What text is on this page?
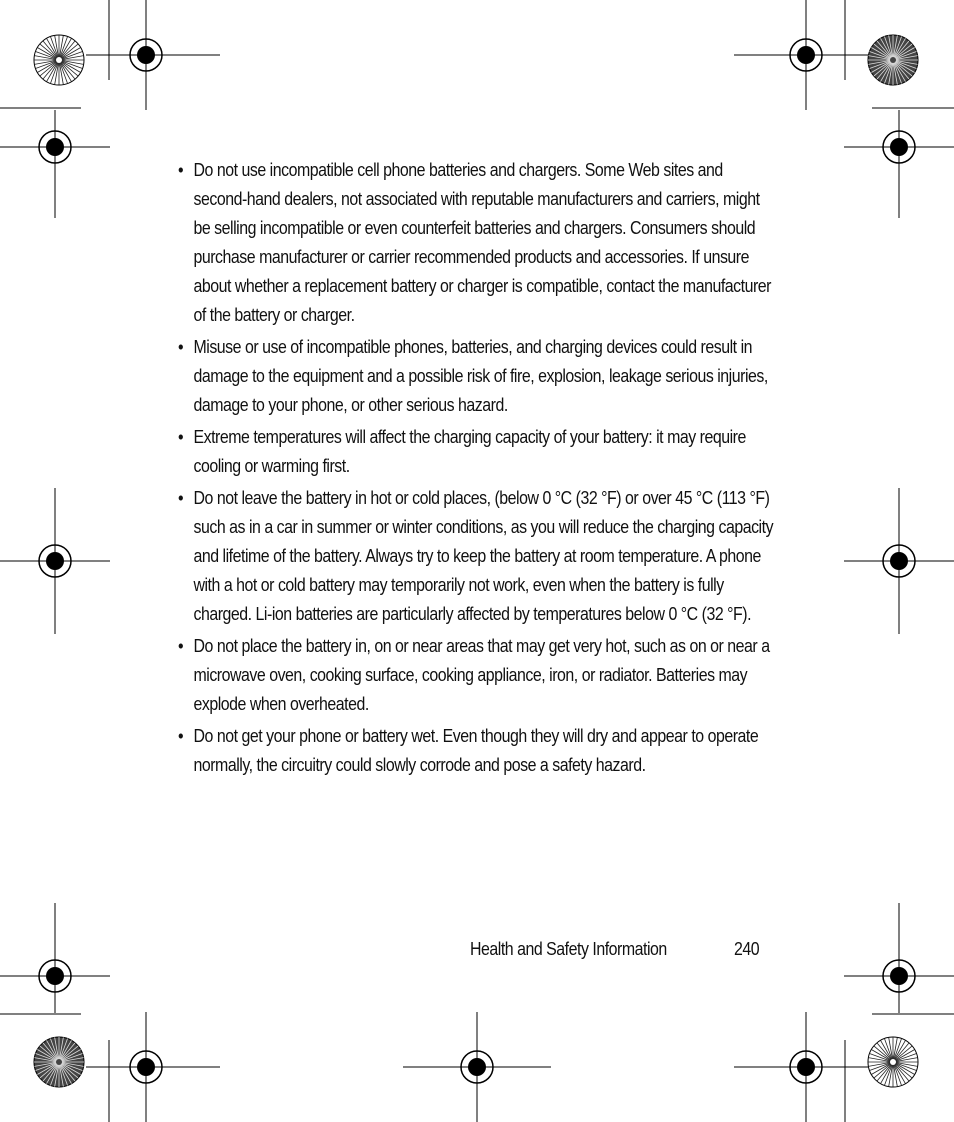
• Do not use incompatible cell phone batteries and chargers. Some Web sites and second-hand dealers, not associated with reputable manufacturers and carriers, might be selling incompatible or even counterfeit batteries and chargers. Consumers should purchase manufacturer or carrier recommended products and accessories. If unsure about whether a replacement battery or charger is compatible, contact the manufacturer of the battery or charger.
• Misuse or use of incompatible phones, batteries, and charging devices could result in damage to the equipment and a possible risk of fire, explosion, leakage serious injuries, damage to your phone, or other serious hazard.
• Extreme temperatures will affect the charging capacity of your battery: it may require cooling or warming first.
• Do not leave the battery in hot or cold places, (below 0 °C (32 °F) or over 45 °C (113 °F) such as in a car in summer or winter conditions, as you will reduce the charging capacity and lifetime of the battery. Always try to keep the battery at room temperature. A phone with a hot or cold battery may temporarily not work, even when the battery is fully charged. Li-ion batteries are particularly affected by temperatures below 0 °C (32 °F).
• Do not place the battery in, on or near areas that may get very hot, such as on or near a microwave oven, cooking surface, cooking appliance, iron, or radiator. Batteries may explode when overheated.
• Do not get your phone or battery wet. Even though they will dry and appear to operate normally, the circuitry could slowly corrode and pose a safety hazard.
Health and Safety Information	240
